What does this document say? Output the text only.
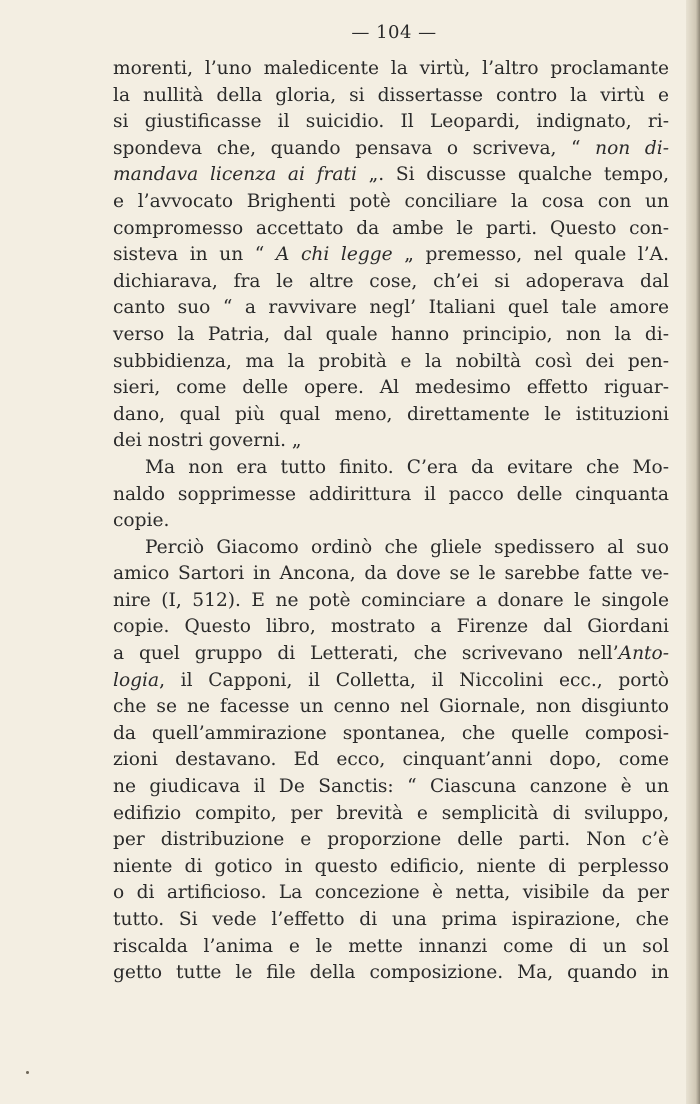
— 104 —
morenti, l’uno maledicente la virtù, l’altro proclamante
la nullità della gloria, si dissertasse contro la virtù e
si giustificasse il suicidio. Il Leopardi, indignato, ri-
spondeva che, quando pensava o scriveva, “ non di-
mandava licenza ai frati „. Si discusse qualche tempo,
e l’avvocato Brighenti potè conciliare la cosa con un
compromesso accettato da ambe le parti. Questo con-
sisteva in un “ A chi legge „ premesso, nel quale l’A.
dichiarava, fra le altre cose, ch’ei si adoperava dal
canto suo “ a ravvivare negl’ Italiani quel tale amore
verso la Patria, dal quale hanno principio, non la di-
subbidienza, ma la probità e la nobiltà così dei pen-
sieri, come delle opere. Al medesimo effetto riguar-
dano, qual più qual meno, direttamente le istituzioni
dei nostri governi. „
Ma non era tutto finito. C’era da evitare che Mo-
naldo sopprimesse addirittura il pacco delle cinquanta
copie.
Perciò Giacomo ordinò che gliele spedissero al suo
amico Sartori in Ancona, da dove se le sarebbe fatte ve-
nire (I, 512). E ne potè cominciare a donare le singole
copie. Questo libro, mostrato a Firenze dal Giordani
a quel gruppo di Letterati, che scrivevano nell’Anto-
logia, il Capponi, il Colletta, il Niccolini ecc., portò
che se ne facesse un cenno nel Giornale, non disgiunto
da quell’ammirazione spontanea, che quelle composi-
zioni destavano. Ed ecco, cinquant’anni dopo, come
ne giudicava il De Sanctis: “ Ciascuna canzone è un
edifizio compito, per brevità e semplicità di sviluppo,
per distribuzione e proporzione delle parti. Non c’è
niente di gotico in questo edificio, niente di perplesso
o di artificioso. La concezione è netta, visibile da per
tutto. Si vede l’effetto di una prima ispirazione, che
riscalda l’anima e le mette innanzi come di un sol
getto tutte le file della composizione. Ma, quando in
